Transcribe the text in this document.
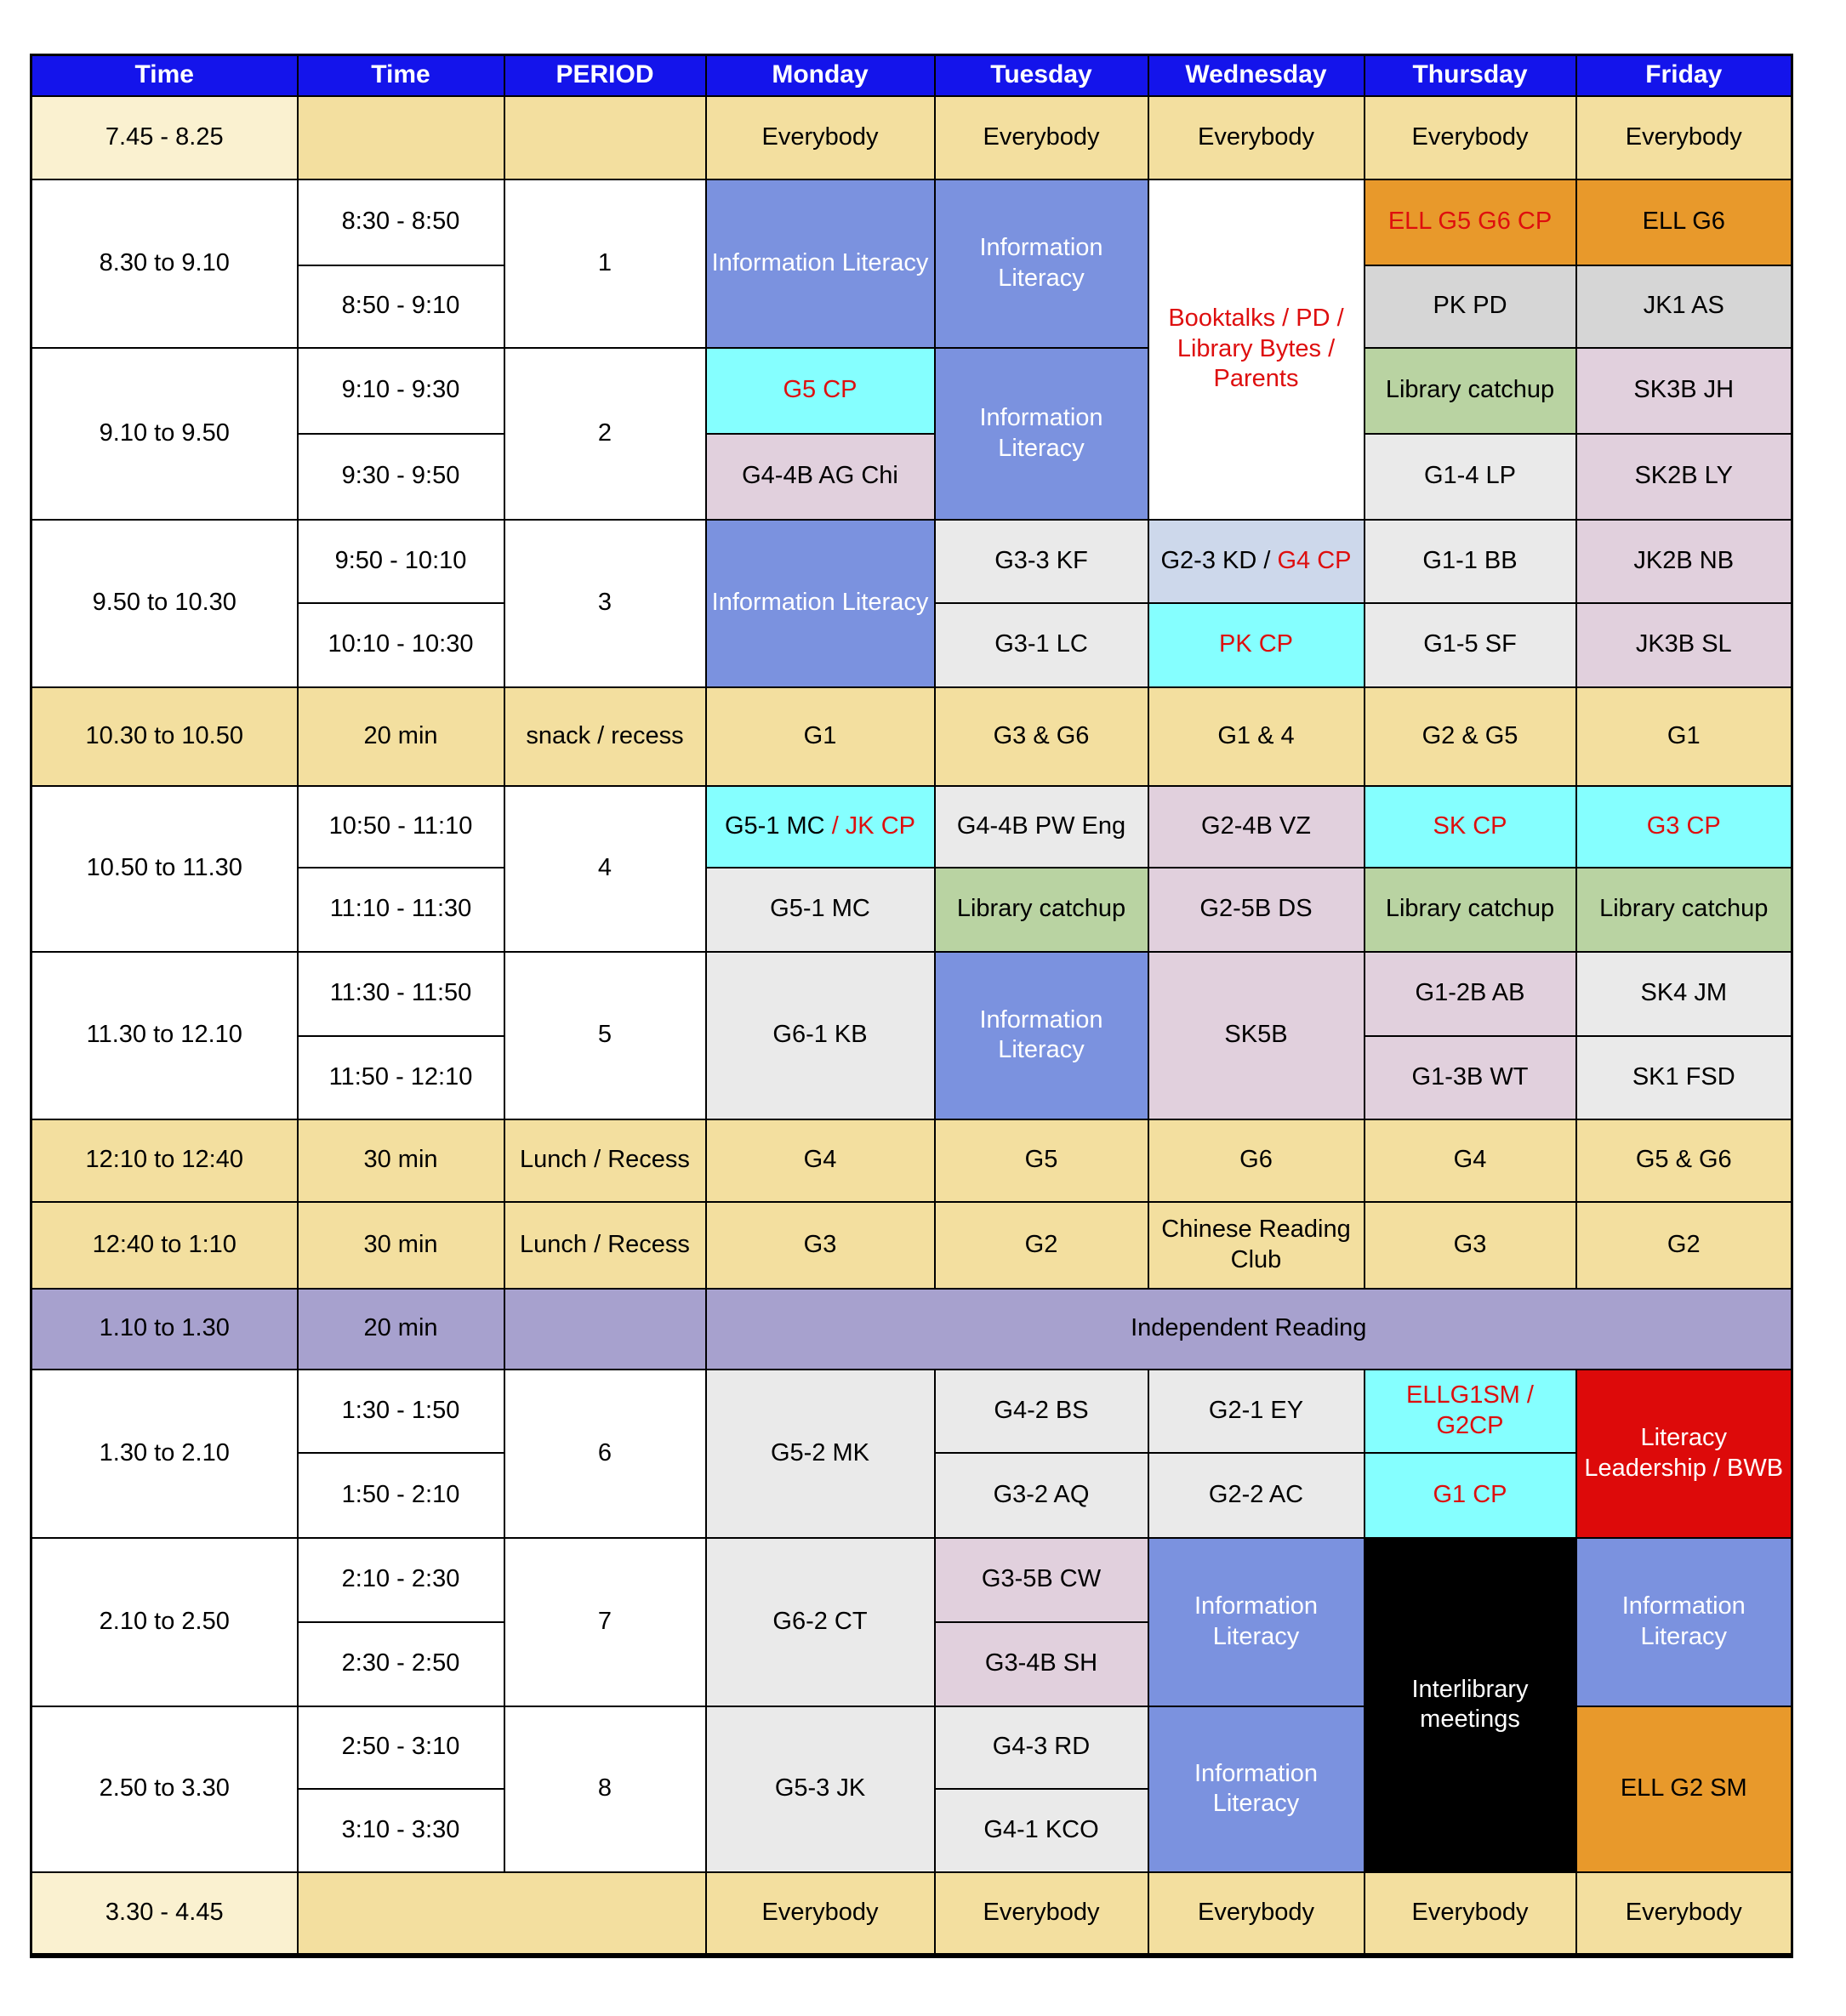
Time	Time	PERIOD	Monday	Tuesday	Wednesday	Thursday	Friday
7.45 - 8.25			Everybody	Everybody	Everybody	Everybody	Everybody
8.30 to 9.10	8:30 - 8:50	1	Information Literacy	Information Literacy	Booktalks / PD / Library Bytes / Parents	ELL G5 G6 CP	ELL G6
	8:50 - 9:10					PK PD	JK1 AS
9.10 to 9.50	9:10 - 9:30	2	G5 CP	Information Literacy		Library catchup	SK3B JH
	9:30 - 9:50		G4-4B AG Chi			G1-4 LP	SK2B LY
9.50 to 10.30	9:50 - 10:10	3	Information Literacy	G3-3 KF	G2-3 KD / G4 CP	G1-1 BB	JK2B NB
	10:10 - 10:30			G3-1 LC	PK CP	G1-5 SF	JK3B SL
10.30 to 10.50	20 min	snack / recess	G1	G3 & G6	G1 & 4	G2 & G5	G1
10.50 to 11.30	10:50 - 11:10	4	G5-1 MC / JK CP	G4-4B PW Eng	G2-4B VZ	SK CP	G3 CP
	11:10 - 11:30		G5-1 MC	Library catchup	G2-5B DS	Library catchup	Library catchup
11.30 to 12.10	11:30 - 11:50	5	G6-1 KB	Information Literacy	SK5B	G1-2B AB	SK4 JM
	11:50 - 12:10					G1-3B WT	SK1 FSD
12:10 to 12:40	30 min	Lunch / Recess	G4	G5	G6	G4	G5 & G6
12:40 to 1:10	30 min	Lunch / Recess	G3	G2	Chinese Reading Club	G3	G2
1.10 to 1.30	20 min		Independent Reading				
1.30 to 2.10	1:30 - 1:50	6	G5-2 MK	G4-2 BS	G2-1 EY	ELLG1SM / G2CP	Literacy Leadership / BWB
	1:50 - 2:10			G3-2 AQ	G2-2 AC	G1 CP	
2.10 to 2.50	2:10 - 2:30	7	G6-2 CT	G3-5B CW	Information Literacy	Interlibrary meetings	Information Literacy
	2:30 - 2:50			G3-4B SH			
2.50 to 3.30	2:50 - 3:10	8	G5-3 JK	G4-3 RD	Information Literacy		ELL G2 SM
	3:10 - 3:30			G4-1 KCO			
3.30 - 4.45			Everybody	Everybody	Everybody	Everybody	Everybody
